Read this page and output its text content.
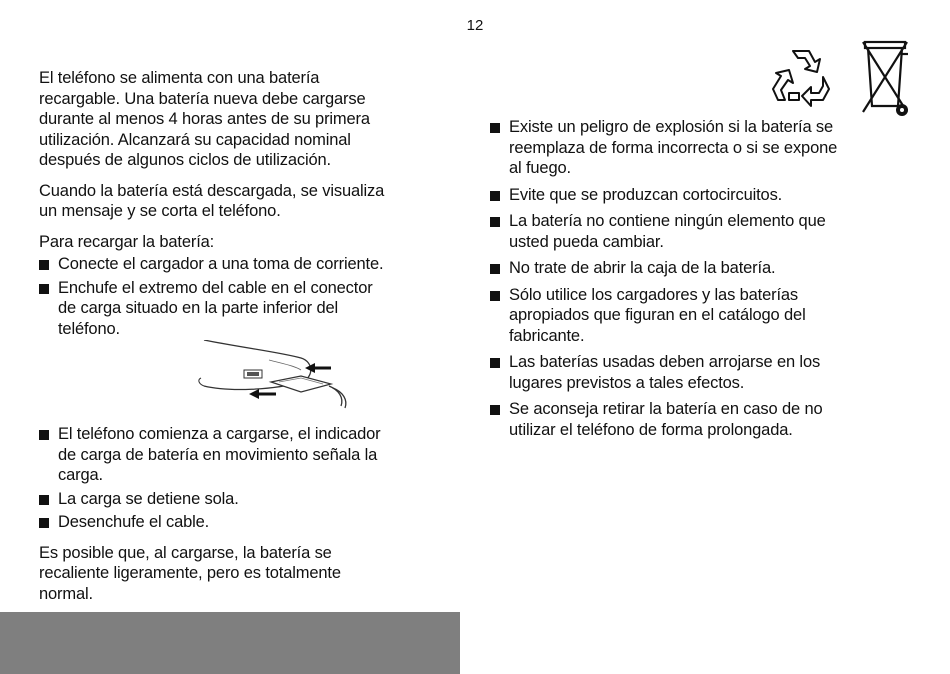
12

El teléfono se alimenta con una batería recargable. Una batería nueva debe cargarse durante al menos 4 horas antes de su primera utilización. Alcanzará su capacidad nominal después de algunos ciclos de utilización.

Cuando la batería está descargada, se visualiza un mensaje y se corta el teléfono.

Para recargar la batería:

Conecte el cargador a una toma de corriente.
Enchufe el extremo del cable en el conector de carga situado en la parte inferior del teléfono.
El teléfono comienza a cargarse, el indicador de carga de batería en movimiento señala la carga.
La carga se detiene sola.
Desenchufe el cable.

Es posible que, al cargarse, la batería se recaliente ligeramente, pero es totalmente normal.

Existe un peligro de explosión si la batería se reemplaza de forma incorrecta o si se expone al fuego.
Evite que se produzcan cortocircuitos.
La batería no contiene ningún elemento que usted pueda cambiar.
No trate de abrir la caja de la batería.
Sólo utilice los cargadores y las baterías apropiados que figuran en el catálogo del fabricante.
Las baterías usadas deben arrojarse en los lugares previstos a tales efectos.
Se aconseja retirar la batería en caso de no utilizar el teléfono de forma prolongada.
